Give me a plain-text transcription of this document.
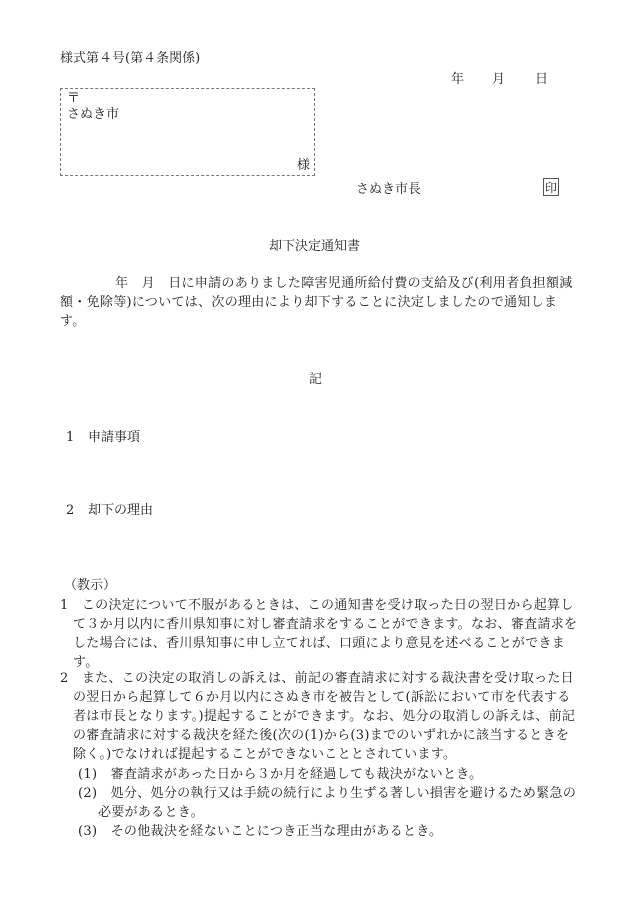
様式第４号(第４条関係)
年 月 日
〒
さぬき市
様
さぬき市長	印
却下決定通知書
年　月　日に申請のありました障害児通所給付費の支給及び(利用者負担額減額・免除等)については、次の理由により却下することに決定しましたので通知します。
記
1 申請事項
2 却下の理由
（教示）
1　この決定について不服があるときは、この通知書を受け取った日の翌日から起算して３か月以内に香川県知事に対し審査請求をすることができます。なお、審査請求をした場合には、香川県知事に申し立てれば、口頭により意見を述べることができます。
2　また、この決定の取消しの訴えは、前記の審査請求に対する裁決書を受け取った日の翌日から起算して６か月以内にさぬき市を被告として(訴訟において市を代表する者は市長となります。)提起することができます。なお、処分の取消しの訴えは、前記の審査請求に対する裁決を経た後(次の(1)から(3)までのいずれかに該当するときを除く。)でなければ提起することができないこととされています。
(1)　審査請求があった日から３か月を経過しても裁決がないとき。
(2)　処分、処分の執行又は手続の続行により生ずる著しい損害を避けるため緊急の必要があるとき。
(3)　その他裁決を経ないことにつき正当な理由があるとき。
